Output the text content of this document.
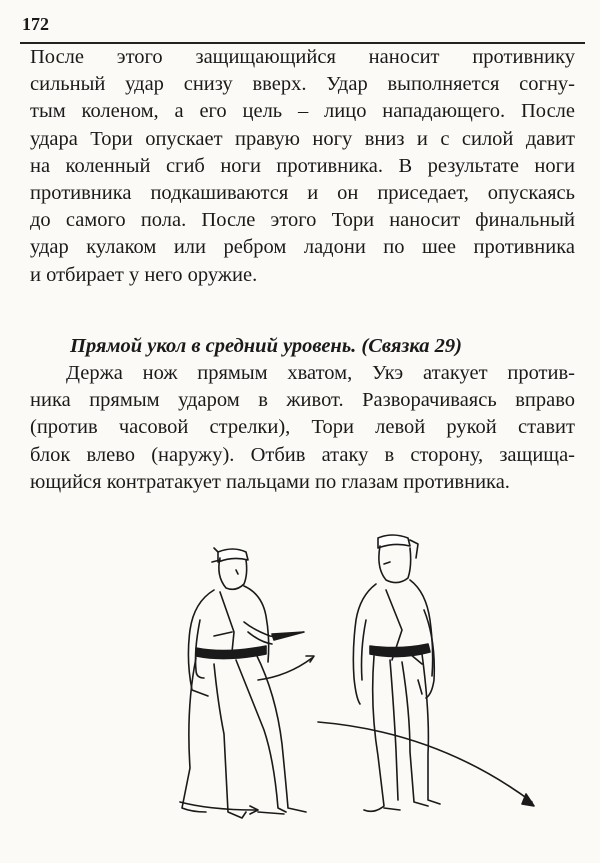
172
После этого защищающийся наносит противнику
сильный удар снизу вверх. Удар выполняется согну-
тым коленом, а его цель – лицо нападающего. После
удара Тори опускает правую ногу вниз и с силой давит
на коленный сгиб ноги противника. В результате ноги
противника подкашиваются и он приседает, опускаясь
до самого пола. После этого Тори наносит финальный
удар кулаком или ребром ладони по шее противника
и отбирает у него оружие.
Прямой укол в средний уровень. (Связка 29)
Держа нож прямым хватом, Укэ атакует против-
ника прямым ударом в живот. Разворачиваясь вправо
(против часовой стрелки), Тори левой рукой ставит
блок влево (наружу). Отбив атаку в сторону, защища-
ющийся контратакует пальцами по глазам противника.
